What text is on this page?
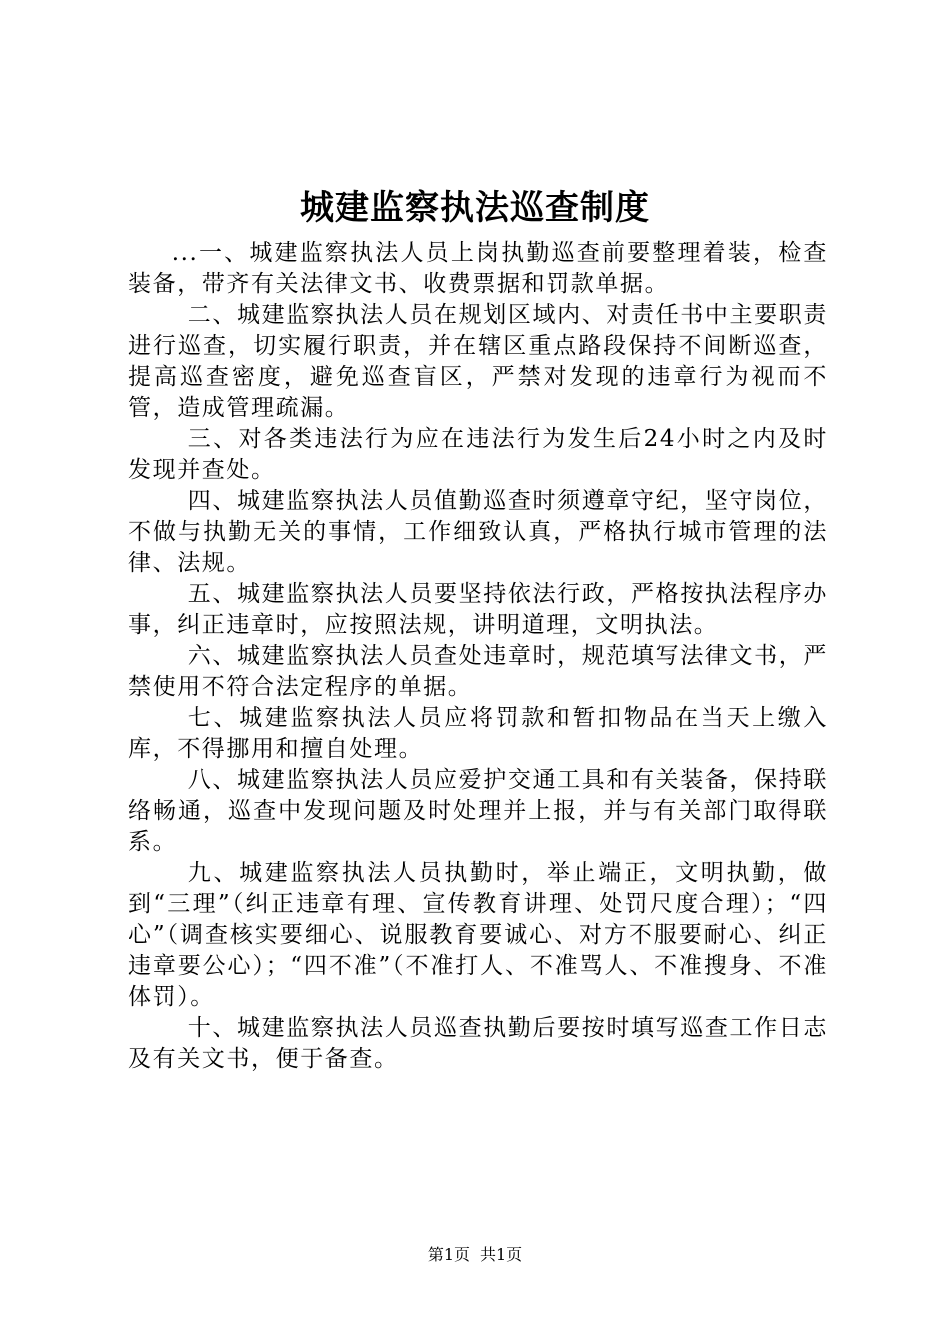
城建监察执法巡查制度

...一、城建监察执法人员上岗执勤巡查前要整理着装，检查装备，带齐有关法律文书、收费票据和罚款单据。

二、城建监察执法人员在规划区域内、对责任书中主要职责进行巡查，切实履行职责，并在辖区重点路段保持不间断巡查，提高巡查密度，避免巡查盲区，严禁对发现的违章行为视而不管，造成管理疏漏。

三、对各类违法行为应在违法行为发生后24小时之内及时发现并查处。

四、城建监察执法人员值勤巡查时须遵章守纪，坚守岗位，不做与执勤无关的事情，工作细致认真，严格执行城市管理的法律、法规。

五、城建监察执法人员要坚持依法行政，严格按执法程序办事，纠正违章时，应按照法规，讲明道理，文明执法。

六、城建监察执法人员查处违章时，规范填写法律文书，严禁使用不符合法定程序的单据。

七、城建监察执法人员应将罚款和暂扣物品在当天上缴入库，不得挪用和擅自处理。

八、城建监察执法人员应爱护交通工具和有关装备，保持联络畅通，巡查中发现问题及时处理并上报，并与有关部门取得联系。

九、城建监察执法人员执勤时，举止端正，文明执勤，做到“三理”（纠正违章有理、宣传教育讲理、处罚尺度合理）；“四心”（调查核实要细心、说服教育要诚心、对方不服要耐心、纠正违章要公心）；“四不准”（不准打人、不准骂人、不准搜身、不准体罚）。

十、城建监察执法人员巡查执勤后要按时填写巡查工作日志及有关文书，便于备查。

第1页 共1页
